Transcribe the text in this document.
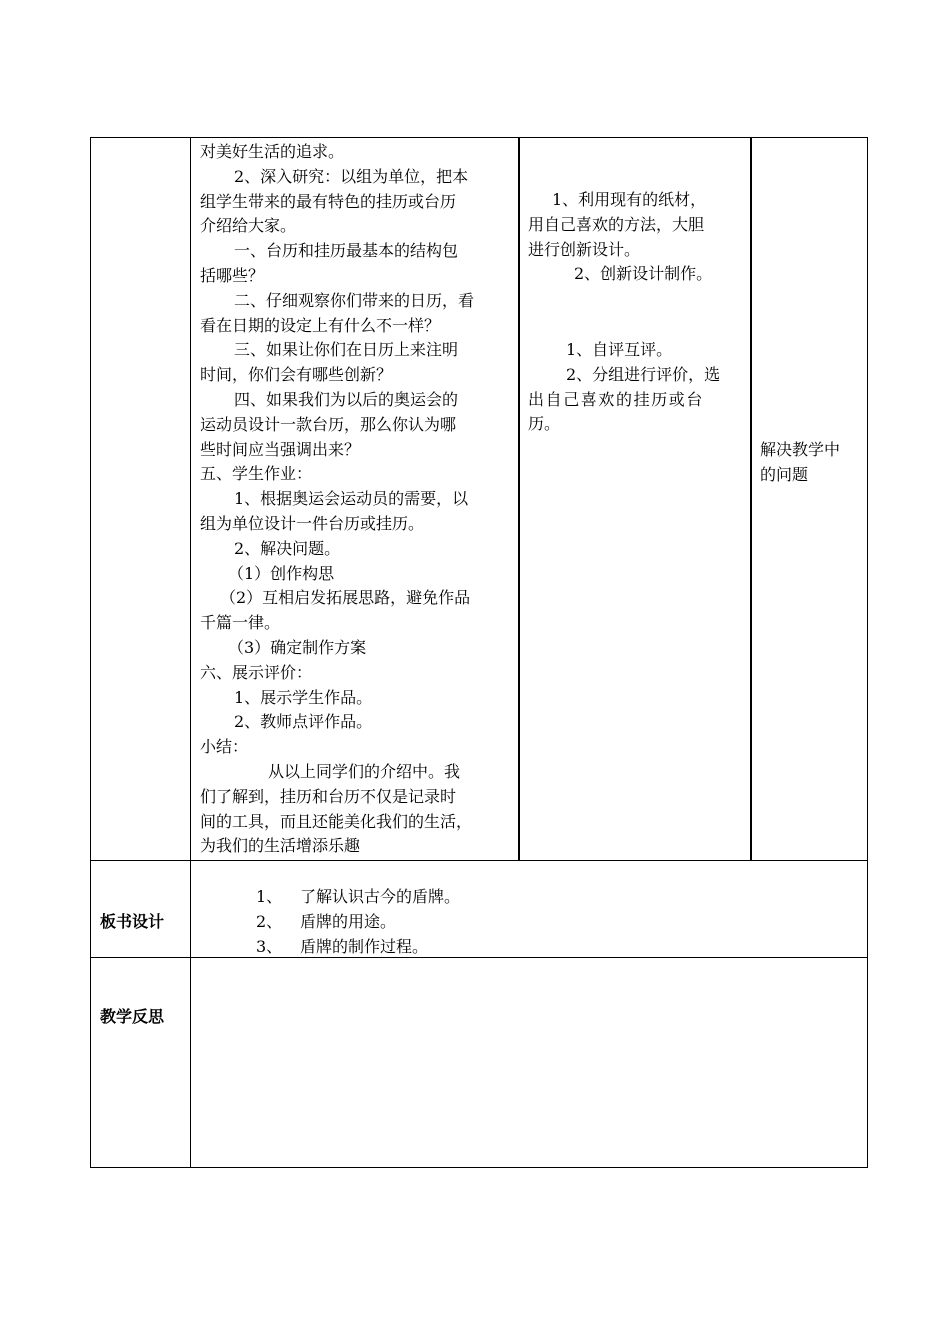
对美好生活的追求。

2、深入研究：以组为单位，把本

组学生带来的最有特色的挂历或台历

介绍给大家。

一、台历和挂历最基本的结构包

括哪些？

二、仔细观察你们带来的日历，看

看在日期的设定上有什么不一样？

三、如果让你们在日历上来注明

时间，你们会有哪些创新？

四、如果我们为以后的奥运会的

运动员设计一款台历，那么你认为哪

些时间应当强调出来？

五、学生作业：

1、根据奥运会运动员的需要，以

组为单位设计一件台历或挂历。

2、解决问题。

（1）创作构思

（2）互相启发拓展思路，避免作品

千篇一律。

（3）确定制作方案

六、展示评价：

1、展示学生作品。

2、教师点评作品。

小结：

从以上同学们的介绍中。我

们了解到，挂历和台历不仅是记录时

间的工具，而且还能美化我们的生活，

为我们的生活增添乐趣

1、利用现有的纸材，

用自己喜欢的方法，大胆

进行创新设计。

2、创新设计制作。

1、自评互评。

2、分组进行评价，选

出自己喜欢的挂历或台

历。

解决教学中

的问题

板书设计
1、 了解认识古今的盾牌。
2、 盾牌的用途。
3、 盾牌的制作过程。
教学反思
